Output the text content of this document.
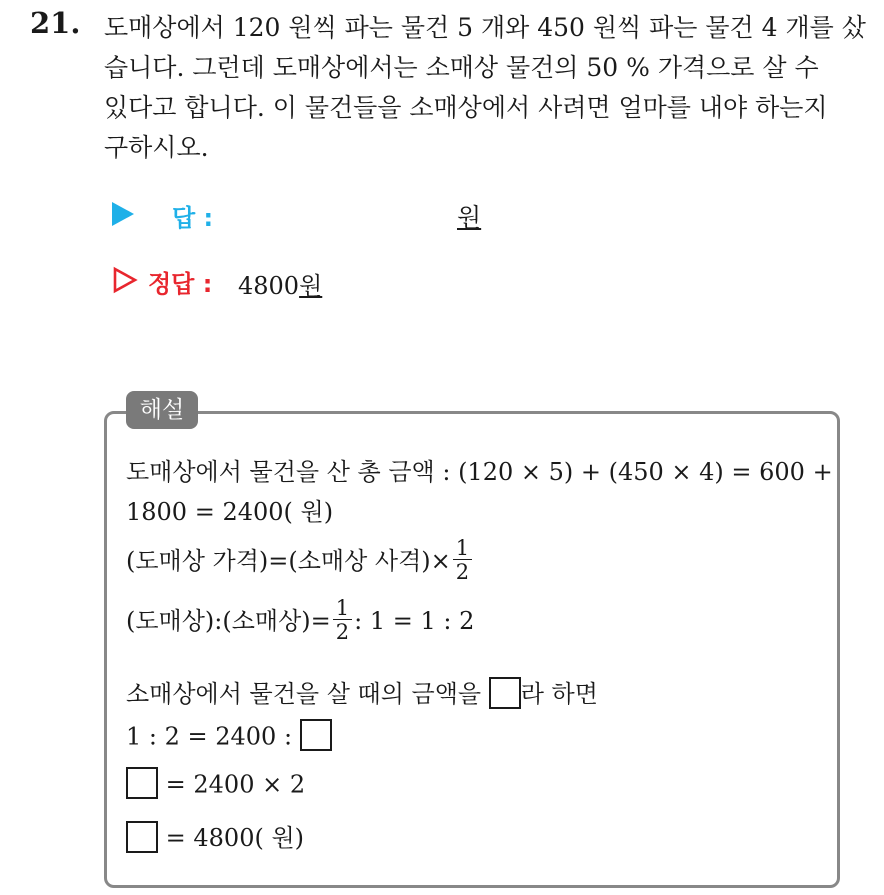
21. 도매상에서 120 원씩 파는 물건 5 개와 450 원씩 파는 물건 4 개를 샀
습니다. 그런데 도매상에서는 소매상 물건의 50 % 가격으로 살 수
있다고 합니다. 이 물건들을 소매상에서 사려면 얼마를 내야 하는지
구하시오.
답 :	원
정답 : 4800원
해설
도매상에서 물건을 산 총 금액 : (120 × 5) + (450 × 4) = 600 +
1800 = 2400( 원)
(도매상 가격)=(소매상 사격)× $\frac{1}{2}$
(도매상):(소매상)= $\frac{1}{2}$ : 1 = 1 : 2
소매상에서 물건을 살 때의 금액을 라 하면
1 : 2 = 2400 :
= 2400 × 2
= 4800( 원)
